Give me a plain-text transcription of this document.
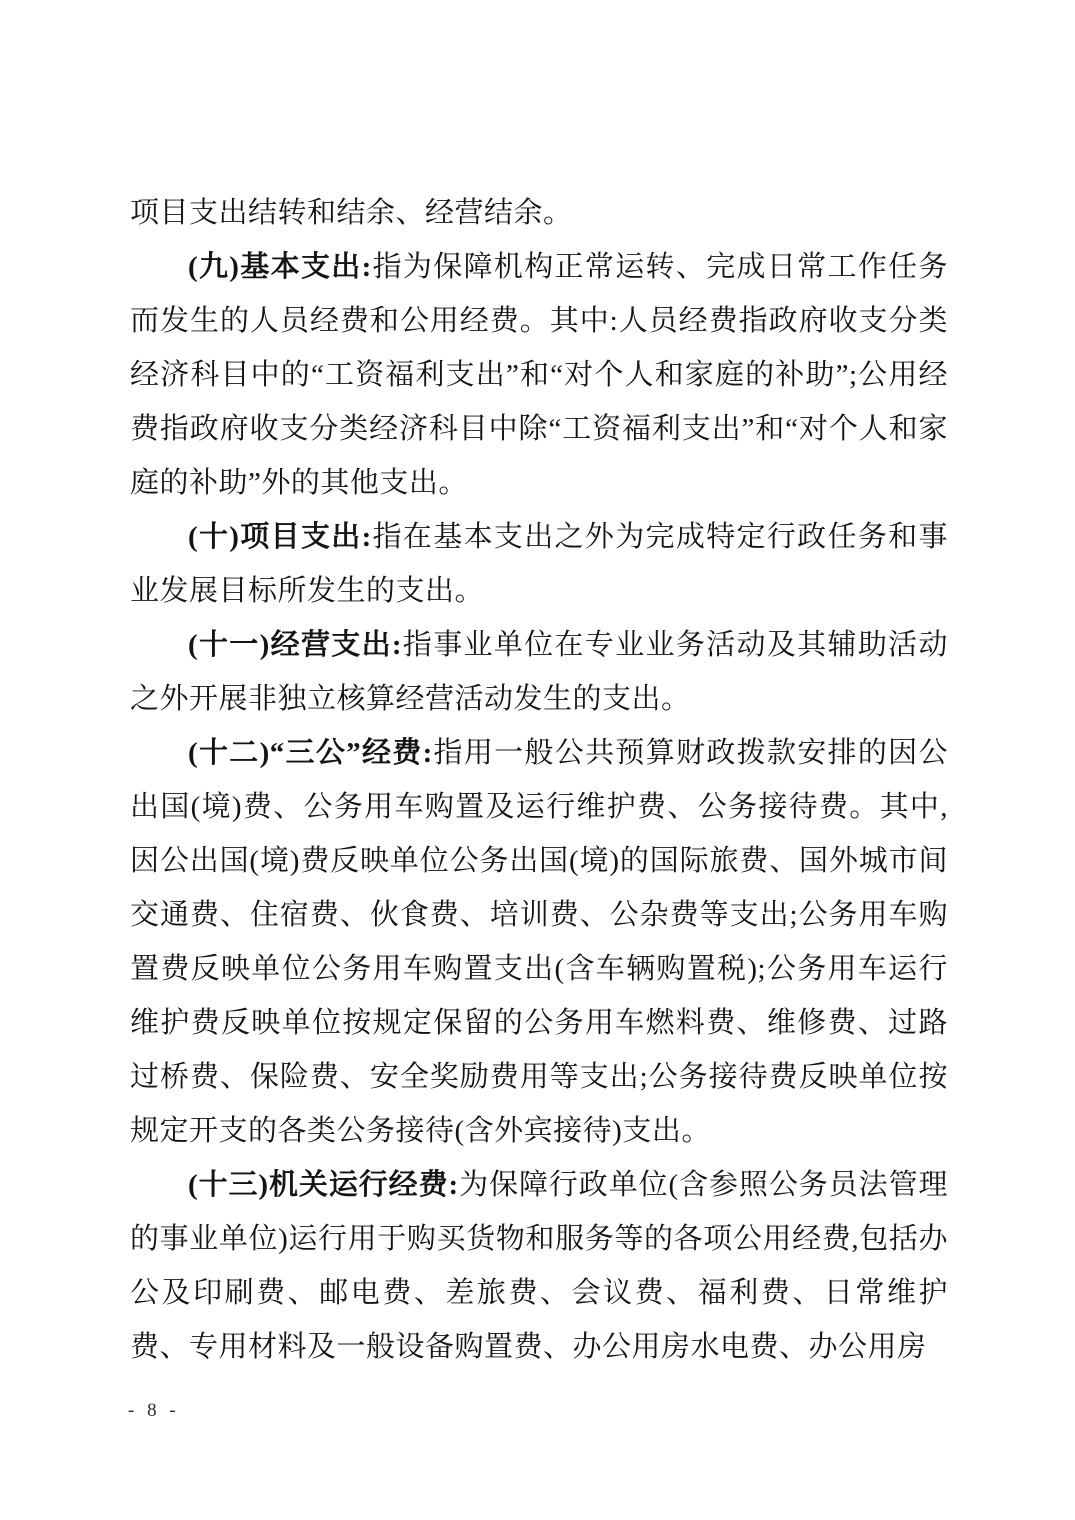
项目支出结转和结余、经营结余。

(九)基本支出:指为保障机构正常运转、完成日常工作任务而发生的人员经费和公用经费。其中:人员经费指政府收支分类经济科目中的“工资福利支出”和“对个人和家庭的补助”;公用经费指政府收支分类经济科目中除“工资福利支出”和“对个人和家庭的补助”外的其他支出。

(十)项目支出:指在基本支出之外为完成特定行政任务和事业发展目标所发生的支出。

(十一)经营支出:指事业单位在专业业务活动及其辅助活动之外开展非独立核算经营活动发生的支出。

(十二)“三公”经费:指用一般公共预算财政拨款安排的因公出国(境)费、公务用车购置及运行维护费、公务接待费。其中,因公出国(境)费反映单位公务出国(境)的国际旅费、国外城市间交通费、住宿费、伙食费、培训费、公杂费等支出;公务用车购置费反映单位公务用车购置支出(含车辆购置税);公务用车运行维护费反映单位按规定保留的公务用车燃料费、维修费、过路过桥费、保险费、安全奖励费用等支出;公务接待费反映单位按规定开支的各类公务接待(含外宾接待)支出。

(十三)机关运行经费:为保障行政单位(含参照公务员法管理的事业单位)运行用于购买货物和服务等的各项公用经费,包括办公及印刷费、邮电费、差旅费、会议费、福利费、日常维护费、专用材料及一般设备购置费、办公用房水电费、办公用房

- 8 -
